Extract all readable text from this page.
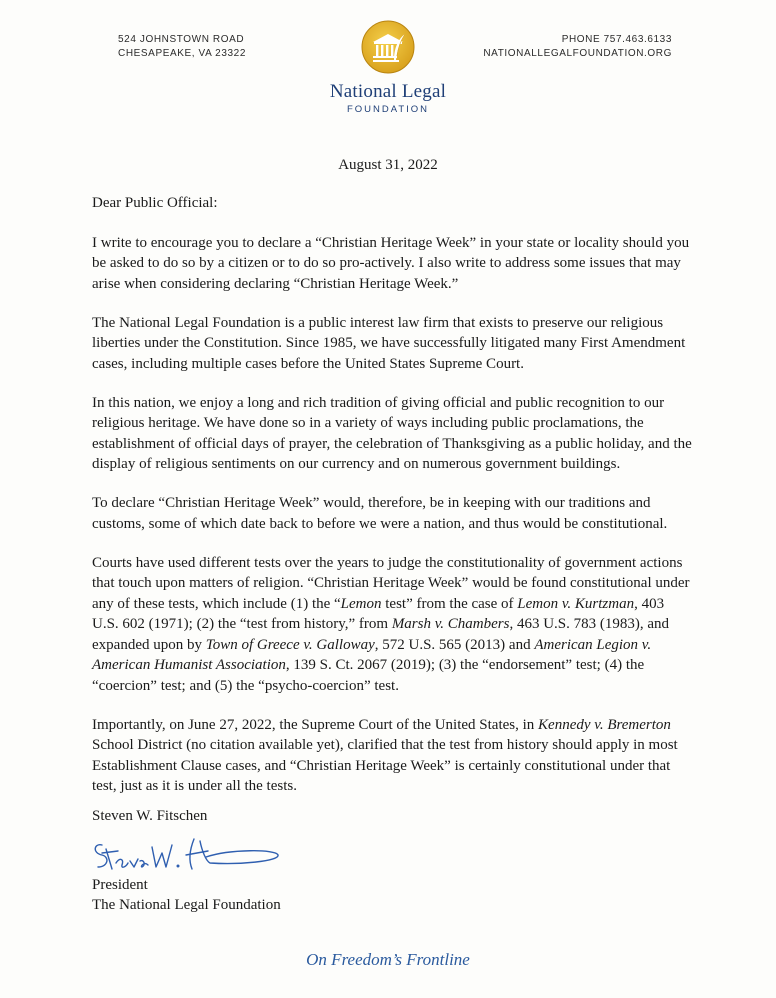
524 JOHNSTOWN ROAD
CHESAPEAKE, VA 23322
PHONE 757.463.6133
NATIONALLEGALFOUNDATION.ORG
National Legal
FOUNDATION
August 31, 2022

Dear Public Official:

I write to encourage you to declare a “Christian Heritage Week” in your state or locality should you be asked to do so by a citizen or to do so pro-actively. I also write to address some issues that may arise when considering declaring “Christian Heritage Week.”

The National Legal Foundation is a public interest law firm that exists to preserve our religious liberties under the Constitution. Since 1985, we have successfully litigated many First Amendment cases, including multiple cases before the United States Supreme Court.

In this nation, we enjoy a long and rich tradition of giving official and public recognition to our religious heritage. We have done so in a variety of ways including public proclamations, the establishment of official days of prayer, the celebration of Thanksgiving as a public holiday, and the display of religious sentiments on our currency and on numerous government buildings.

To declare “Christian Heritage Week” would, therefore, be in keeping with our traditions and customs, some of which date back to before we were a nation, and thus would be constitutional.

Courts have used different tests over the years to judge the constitutionality of government actions that touch upon matters of religion. “Christian Heritage Week” would be found constitutional under any of these tests, which include (1) the “Lemon test” from the case of Lemon v. Kurtzman, 403 U.S. 602 (1971); (2) the “test from history,” from Marsh v. Chambers, 463 U.S. 783 (1983), and expanded upon by Town of Greece v. Galloway, 572 U.S. 565 (2013) and American Legion v. American Humanist Association, 139 S. Ct. 2067 (2019); (3) the “endorsement” test; (4) the “coercion” test; and (5) the “psycho-coercion” test.

Importantly, on June 27, 2022, the Supreme Court of the United States, in Kennedy v. Bremerton School District (no citation available yet), clarified that the test from history should apply in most Establishment Clause cases, and “Christian Heritage Week” is certainly constitutional under that test, just as it is under all the tests.

Steven W. Fitschen
President
The National Legal Foundation
On Freedom’s Frontline
